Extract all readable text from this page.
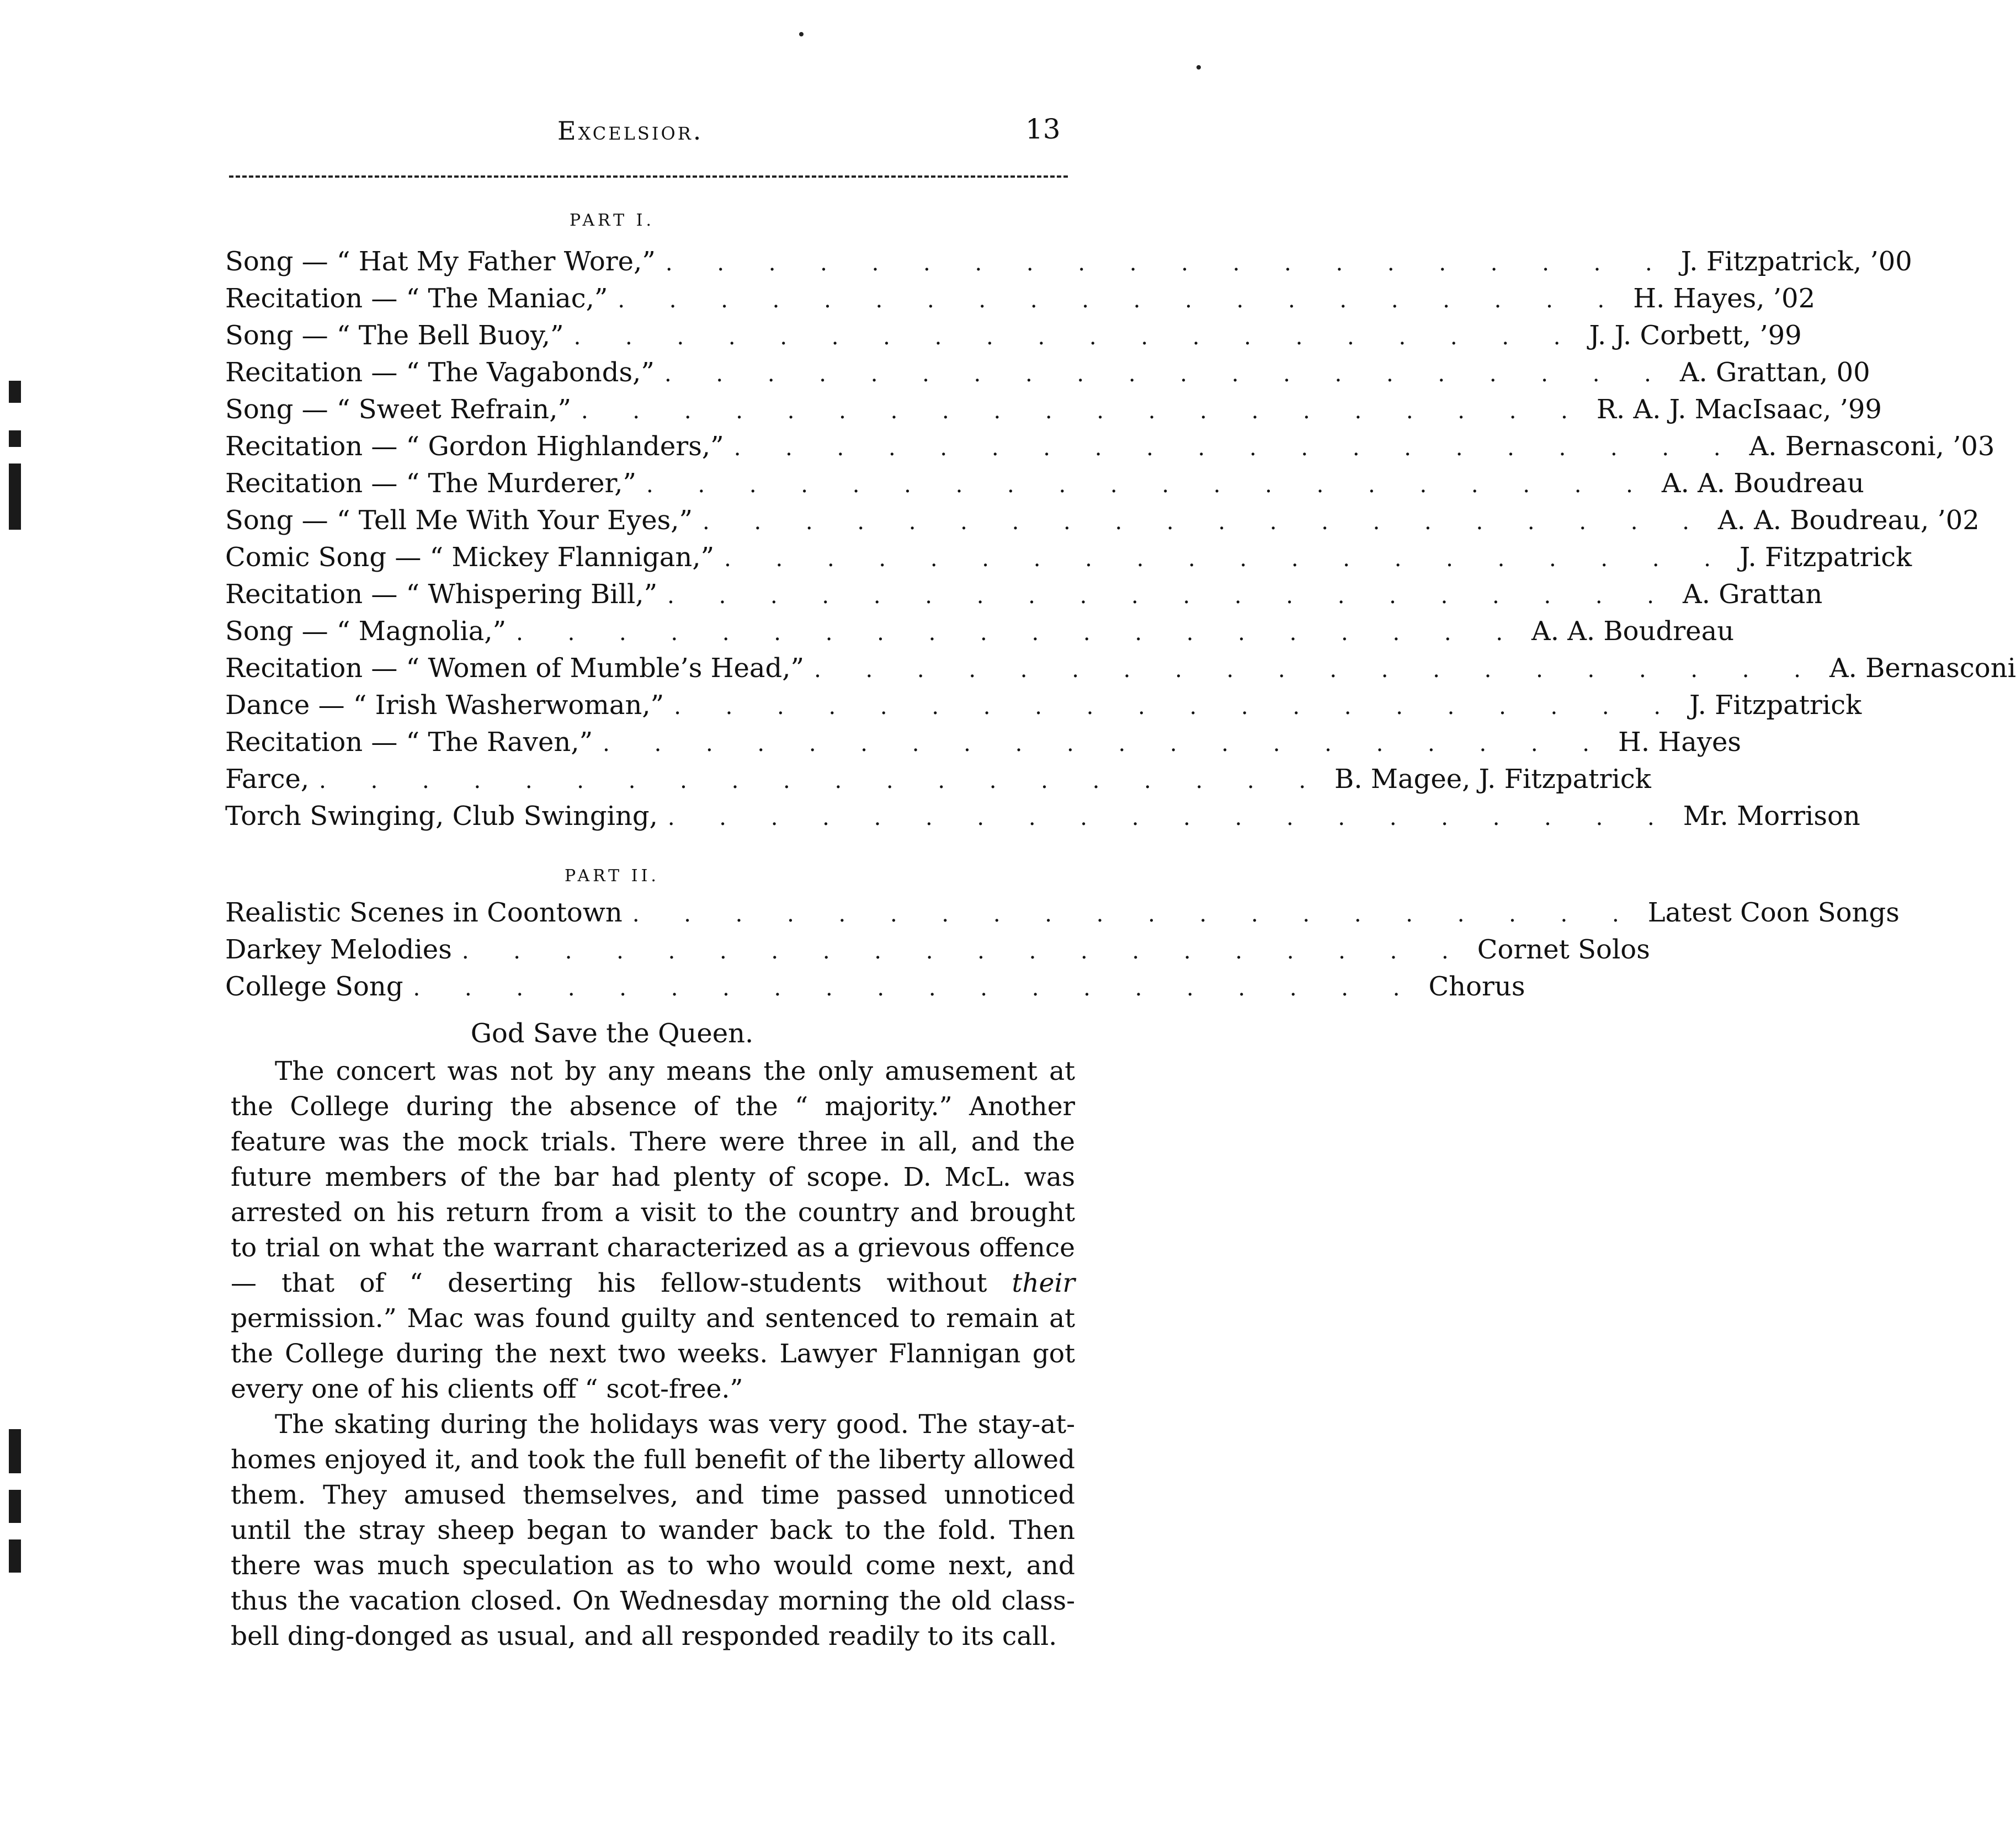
Excelsior.	13
PART I.
Song — “ Hat My Father Wore,” . . . . . . . . . . . . . . . . . . . . J. Fitzpatrick, ’00
Recitation — “ The Maniac,” . . . . . . . . . . . . . . . . . . . . H. Hayes, ’02
Song — “ The Bell Buoy,” . . . . . . . . . . . . . . . . . . . . J. J. Corbett, ’99
Recitation — “ The Vagabonds,” . . . . . . . . . . . . . . . . . . . . A. Grattan, 00
Song — “ Sweet Refrain,” . . . . . . . . . . . . . . . . . . . . R. A. J. MacIsaac, ’99
Recitation — “ Gordon Highlanders,” . . . . . . . . . . . . . . . . . . . . A. Bernasconi, ’03
Recitation — “ The Murderer,” . . . . . . . . . . . . . . . . . . . . A. A. Boudreau
Song — “ Tell Me With Your Eyes,” . . . . . . . . . . . . . . . . . . . . A. A. Boudreau, ’02
Comic Song — “ Mickey Flannigan,” . . . . . . . . . . . . . . . . . . . . J. Fitzpatrick
Recitation — “ Whispering Bill,” . . . . . . . . . . . . . . . . . . . . A. Grattan
Song — “ Magnolia,” . . . . . . . . . . . . . . . . . . . . A. A. Boudreau
Recitation — “ Women of Mumble’s Head,” . . . . . . . . . . . . . . . . . . . . A. Bernasconi
Dance — “ Irish Washerwoman,” . . . . . . . . . . . . . . . . . . . . J. Fitzpatrick
Recitation — “ The Raven,” . . . . . . . . . . . . . . . . . . . . H. Hayes
Farce, . . . . . . . . . . . . . . . . . . . . B. Magee, J. Fitzpatrick
Torch Swinging, Club Swinging, . . . . . . . . . . . . . . . . . . . . Mr. Morrison
PART II.
Realistic Scenes in Coontown . . . . . . . . . . . . . . . . . . . . Latest Coon Songs
Darkey Melodies . . . . . . . . . . . . . . . . . . . . Cornet Solos
College Song . . . . . . . . . . . . . . . . . . . . Chorus
God Save the Queen.

The concert was not by any means the only amusement at the College during the absence of the “ majority.” Another feature was the mock trials. There were three in all, and the future members of the bar had plenty of scope. D. McL. was arrested on his return from a visit to the country and brought to trial on what the warrant characterized as a grievous offence— that of “ deserting his fellow-students without their permission.” Mac was found guilty and sentenced to remain at the College during the next two weeks. Lawyer Flannigan got every one of his clients off “ scot-free.”

The skating during the holidays was very good. The stay-at-homes enjoyed it, and took the full benefit of the liberty allowed them. They amused themselves, and time passed unnoticed until the stray sheep began to wander back to the fold. Then there was much speculation as to who would come next, and thus the vacation closed. On Wednesday morning the old class-bell ding-donged as usual, and all responded readily to its call.
